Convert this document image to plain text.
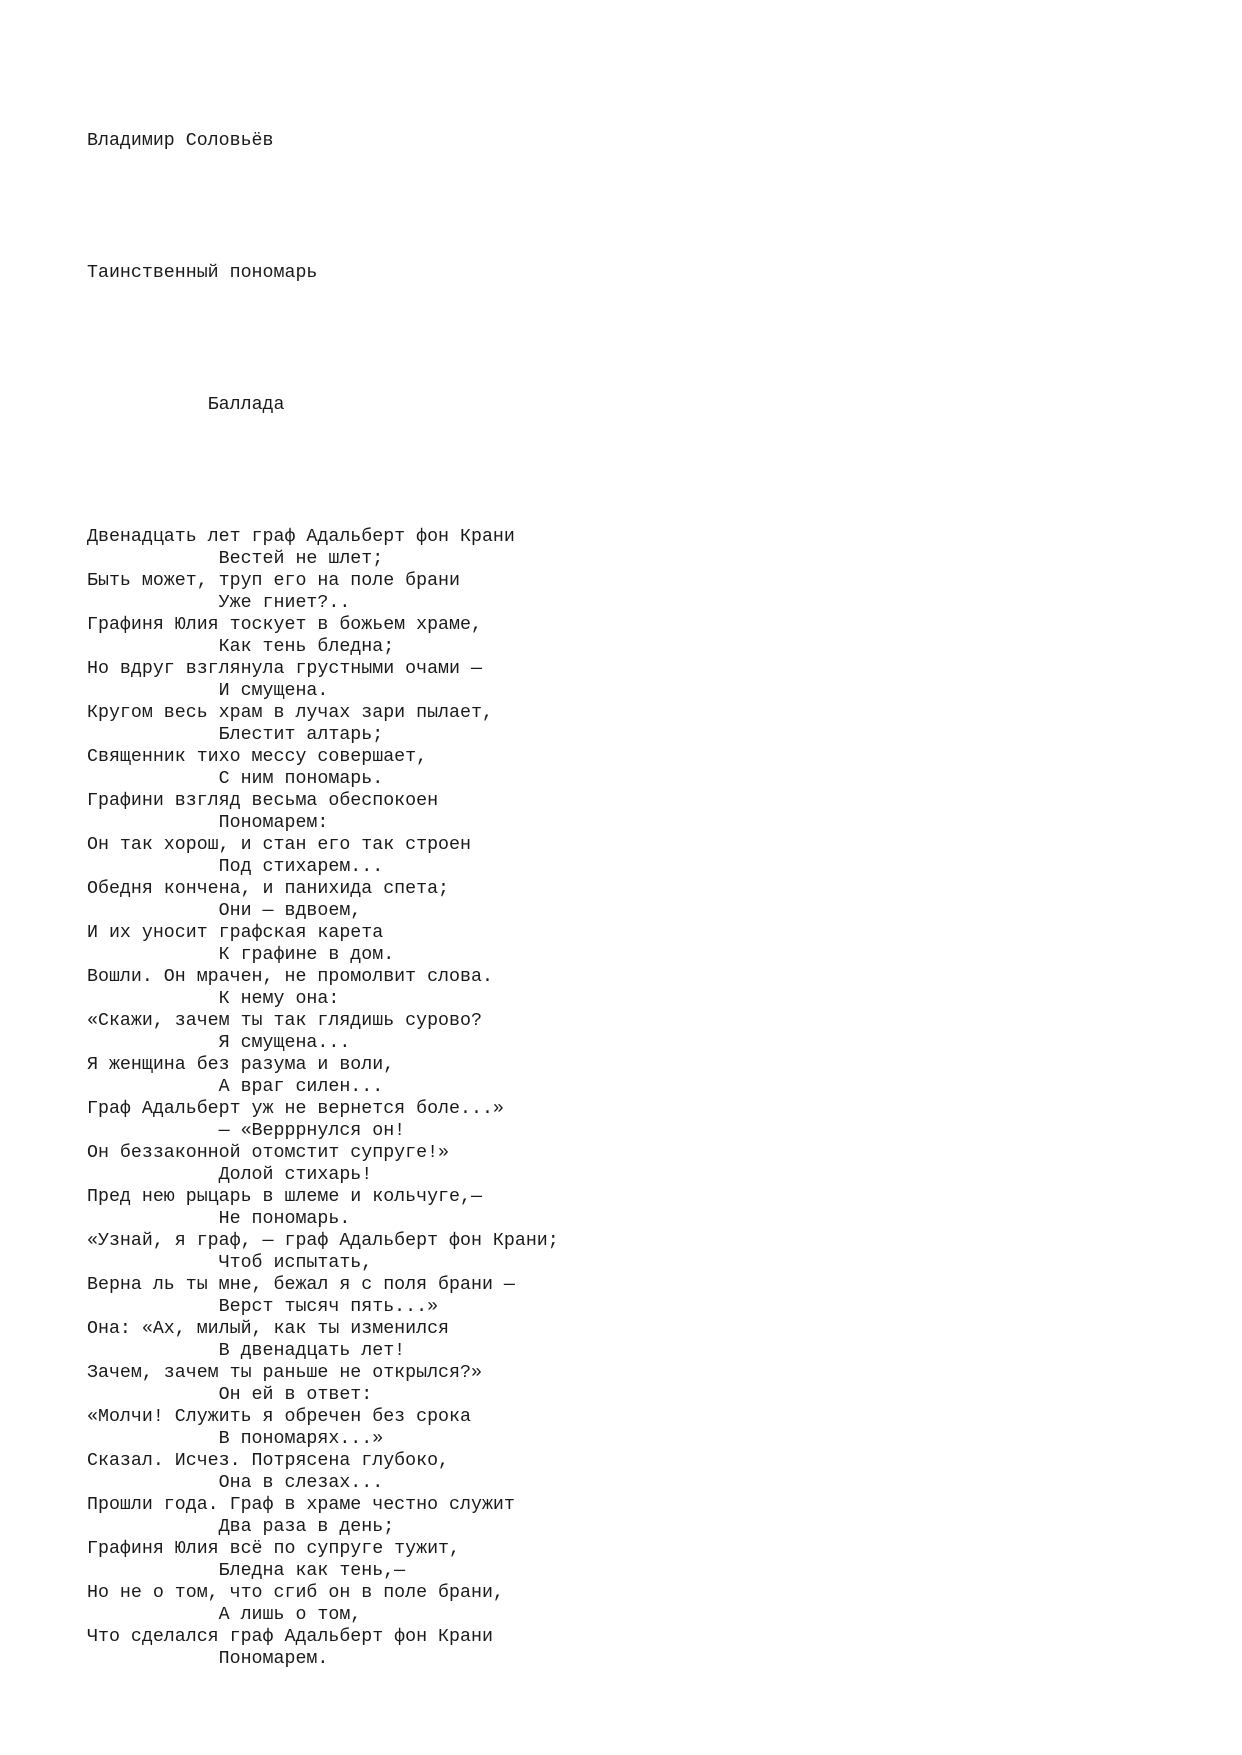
Владимир Соловьёв

Таинственный пономарь

Баллада

Двенадцать лет граф Адальберт фон Крани
Вестей не шлет;
Быть может, труп его на поле брани
Уже гниет?..
Графиня Юлия тоскует в божьем храме,
Как тень бледна;
Но вдруг взглянула грустными очами —
И смущена.
Кругом весь храм в лучах зари пылает,
Блестит алтарь;
Священник тихо мессу совершает,
С ним пономарь.
Графини взгляд весьма обеспокоен
Пономарем:
Он так хорош, и стан его так строен
Под стихарем...
Обедня кончена, и панихида спета;
Они — вдвоем,
И их уносит графская карета
К графине в дом.
Вошли. Он мрачен, не промолвит слова.
К нему она:
«Скажи, зачем ты так глядишь сурово?
Я смущена...
Я женщина без разума и воли,
А враг силен...
Граф Адальберт уж не вернется боле...»
— «Верррнулся он!
Он беззаконной отомстит супруге!»
Долой стихарь!
Пред нею рыцарь в шлеме и кольчуге,—
Не пономарь.
«Узнай, я граф, — граф Адальберт фон Крани;
Чтоб испытать,
Верна ль ты мне, бежал я с поля брани —
Верст тысяч пять...»
Она: «Ах, милый, как ты изменился
В двенадцать лет!
Зачем, зачем ты раньше не открылся?»
Он ей в ответ:
«Молчи! Служить я обречен без срока
В пономарях...»
Сказал. Исчез. Потрясена глубоко,
Она в слезах...
Прошли года. Граф в храме честно служит
Два раза в день;
Графиня Юлия всё по супруге тужит,
Бледна как тень,—
Но не о том, что сгиб он в поле брани,
А лишь о том,
Что сделался граф Адальберт фон Крани
Пономарем.
